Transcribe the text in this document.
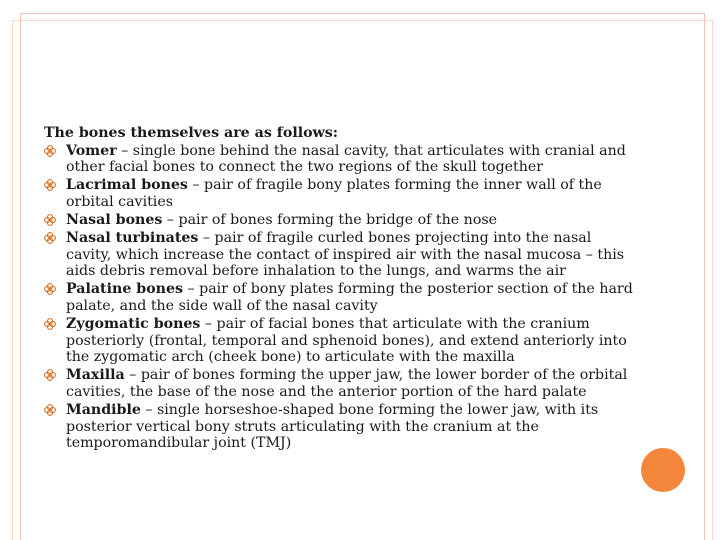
The bones themselves are as follows:

Vomer – single bone behind the nasal cavity, that articulates with cranial and other facial bones to connect the two regions of the skull together
Lacrimal bones – pair of fragile bony plates forming the inner wall of the orbital cavities
Nasal bones – pair of bones forming the bridge of the nose
Nasal turbinates – pair of fragile curled bones projecting into the nasal cavity, which increase the contact of inspired air with the nasal mucosa – this aids debris removal before inhalation to the lungs, and warms the air
Palatine bones – pair of bony plates forming the posterior section of the hard palate, and the side wall of the nasal cavity
Zygomatic bones – pair of facial bones that articulate with the cranium posteriorly (frontal, temporal and sphenoid bones), and extend anteriorly into the zygomatic arch (cheek bone) to articulate with the maxilla
Maxilla – pair of bones forming the upper jaw, the lower border of the orbital cavities, the base of the nose and the anterior portion of the hard palate
Mandible – single horseshoe-shaped bone forming the lower jaw, with its posterior vertical bony struts articulating with the cranium at the temporomandibular joint (TMJ)
